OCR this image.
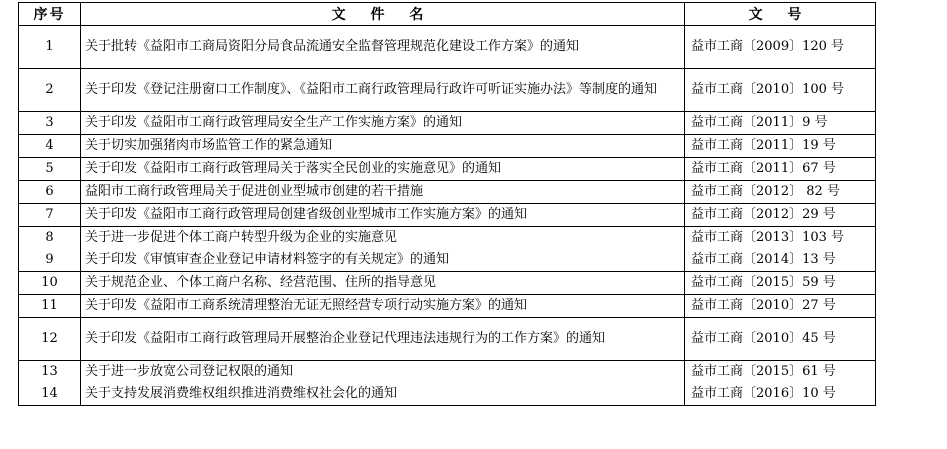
序号	文 件 名	文 号
1	关于批转《益阳市工商局资阳分局食品流通安全监督管理规范化建设工作方案》的通知	益市工商〔2009〕120 号
2	关于印发《登记注册窗口工作制度》、《益阳市工商行政管理局行政许可听证实施办法》等制度的通知	益市工商〔2010〕100 号
3	关于印发《益阳市工商行政管理局安全生产工作实施方案》的通知	益市工商〔2011〕9 号
4	关于切实加强猪肉市场监管工作的紧急通知	益市工商〔2011〕19 号
5	关于印发《益阳市工商行政管理局关于落实全民创业的实施意见》的通知	益市工商〔2011〕67 号
6	益阳市工商行政管理局关于促进创业型城市创建的若干措施	益市工商〔2012〕 82 号
7	关于印发《益阳市工商行政管理局创建省级创业型城市工作实施方案》的通知	益市工商〔2012〕29 号
8	关于进一步促进个体工商户转型升级为企业的实施意见	益市工商〔2013〕103 号
9	关于印发《审慎审查企业登记申请材料签字的有关规定》的通知	益市工商〔2014〕13 号
10	关于规范企业、个体工商户名称、经营范围、住所的指导意见	益市工商〔2015〕59 号
11	关于印发《益阳市工商系统清理整治无证无照经营专项行动实施方案》的通知	益市工商〔2010〕27 号
12	关于印发《益阳市工商行政管理局开展整治企业登记代理违法违规行为的工作方案》的通知	益市工商〔2010〕45 号
13	关于进一步放宽公司登记权限的通知	益市工商〔2015〕61 号
14	关于支持发展消费维权组织推进消费维权社会化的通知	益市工商〔2016〕10 号
